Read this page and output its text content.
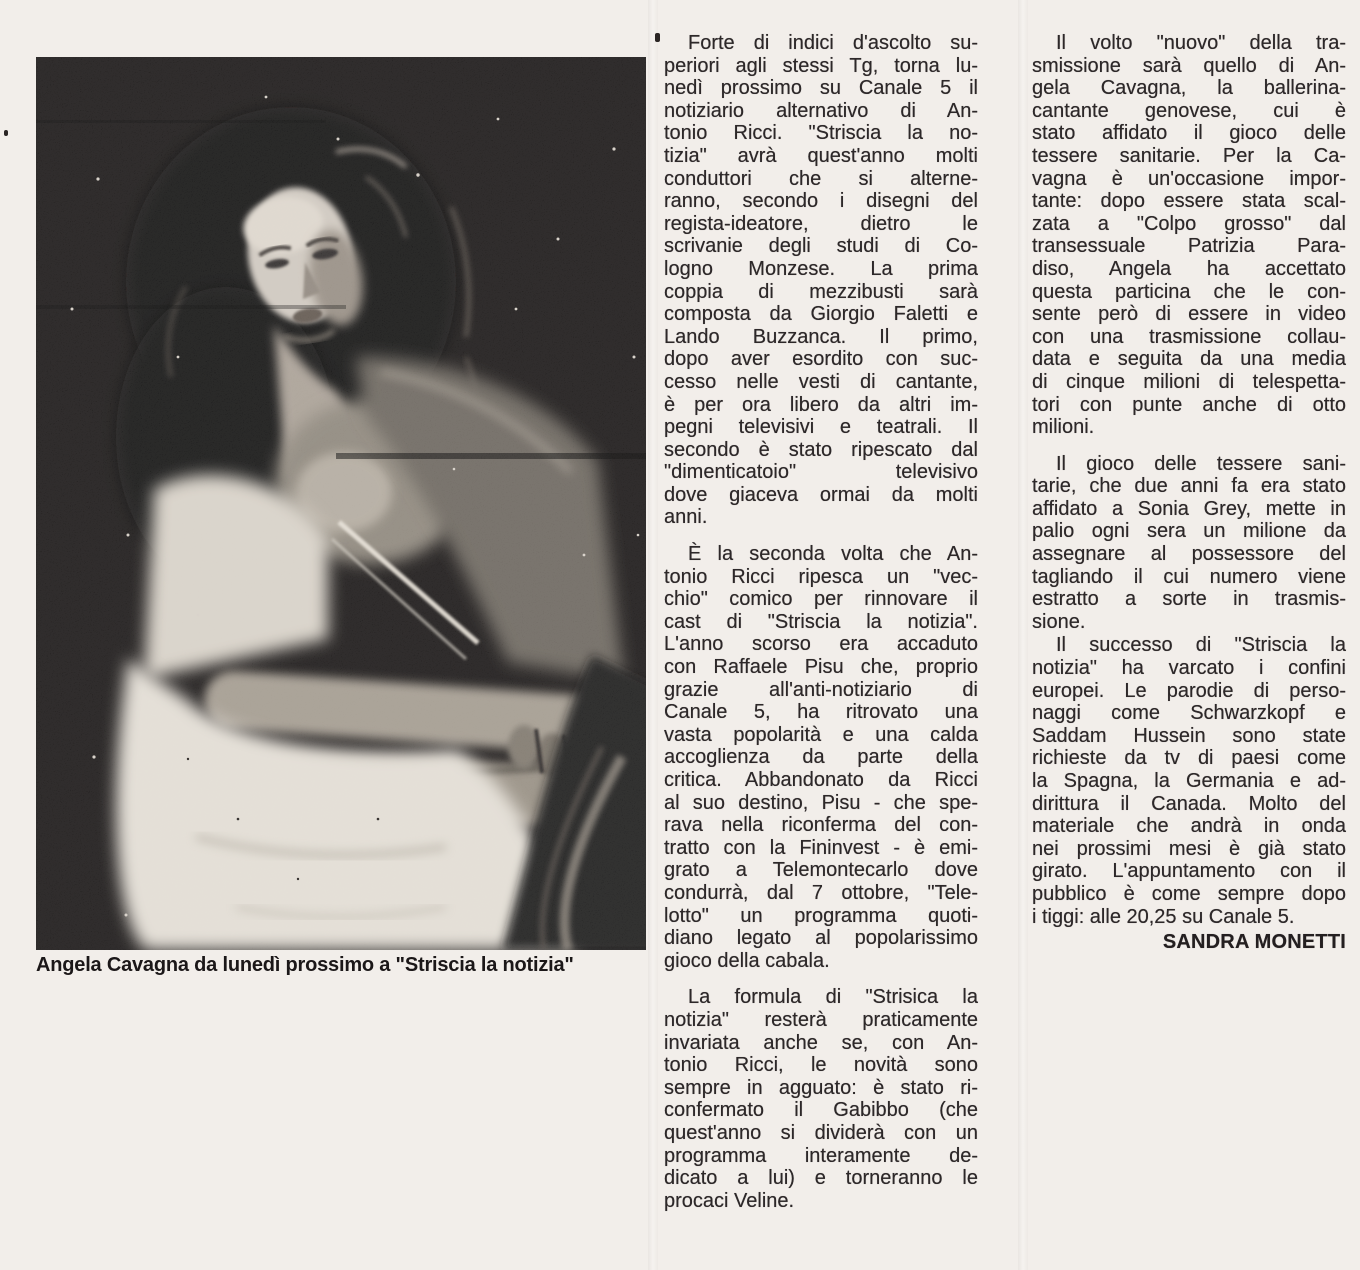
Angela Cavagna da lunedì prossimo a "Striscia la notizia"
Forte di indici d'ascolto su-
periori agli stessi Tg, torna lu-
nedì prossimo su Canale 5 il
notiziario alternativo di An-
tonio Ricci. "Striscia la no-
tizia" avrà quest'anno molti
conduttori che si alterne-
ranno, secondo i disegni del
regista-ideatore, dietro le
scrivanie degli studi di Co-
logno Monzese. La prima
coppia di mezzibusti sarà
composta da Giorgio Faletti e
Lando Buzzanca. Il primo,
dopo aver esordito con suc-
cesso nelle vesti di cantante,
è per ora libero da altri im-
pegni televisivi e teatrali. Il
secondo è stato ripescato dal
"dimenticatoio" televisivo
dove giaceva ormai da molti
anni.
È la seconda volta che An-
tonio Ricci ripesca un "vec-
chio" comico per rinnovare il
cast di "Striscia la notizia".
L'anno scorso era accaduto
con Raffaele Pisu che, proprio
grazie all'anti-notiziario di
Canale 5, ha ritrovato una
vasta popolarità e una calda
accoglienza da parte della
critica. Abbandonato da Ricci
al suo destino, Pisu - che spe-
rava nella riconferma del con-
tratto con la Fininvest - è emi-
grato a Telemontecarlo dove
condurrà, dal 7 ottobre, "Tele-
lotto" un programma quoti-
diano legato al popolarissimo
gioco della cabala.
La formula di "Strisica la
notizia" resterà praticamente
invariata anche se, con An-
tonio Ricci, le novità sono
sempre in agguato: è stato ri-
confermato il Gabibbo (che
quest'anno si dividerà con un
programma interamente de-
dicato a lui) e torneranno le
procaci Veline.
Il volto "nuovo" della tra-
smissione sarà quello di An-
gela Cavagna, la ballerina-
cantante genovese, cui è
stato affidato il gioco delle
tessere sanitarie. Per la Ca-
vagna è un'occasione impor-
tante: dopo essere stata scal-
zata a "Colpo grosso" dal
transessuale Patrizia Para-
diso, Angela ha accettato
questa particina che le con-
sente però di essere in video
con una trasmissione collau-
data e seguita da una media
di cinque milioni di telespetta-
tori con punte anche di otto
milioni.
Il gioco delle tessere sani-
tarie, che due anni fa era stato
affidato a Sonia Grey, mette in
palio ogni sera un milione da
assegnare al possessore del
tagliando il cui numero viene
estratto a sorte in trasmis-
sione.
Il successo di "Striscia la
notizia" ha varcato i confini
europei. Le parodie di perso-
naggi come Schwarzkopf e
Saddam Hussein sono state
richieste da tv di paesi come
la Spagna, la Germania e ad-
dirittura il Canada. Molto del
materiale che andrà in onda
nei prossimi mesi è già stato
girato. L'appuntamento con il
pubblico è come sempre dopo
i tiggi: alle 20,25 su Canale 5.
SANDRA MONETTI
